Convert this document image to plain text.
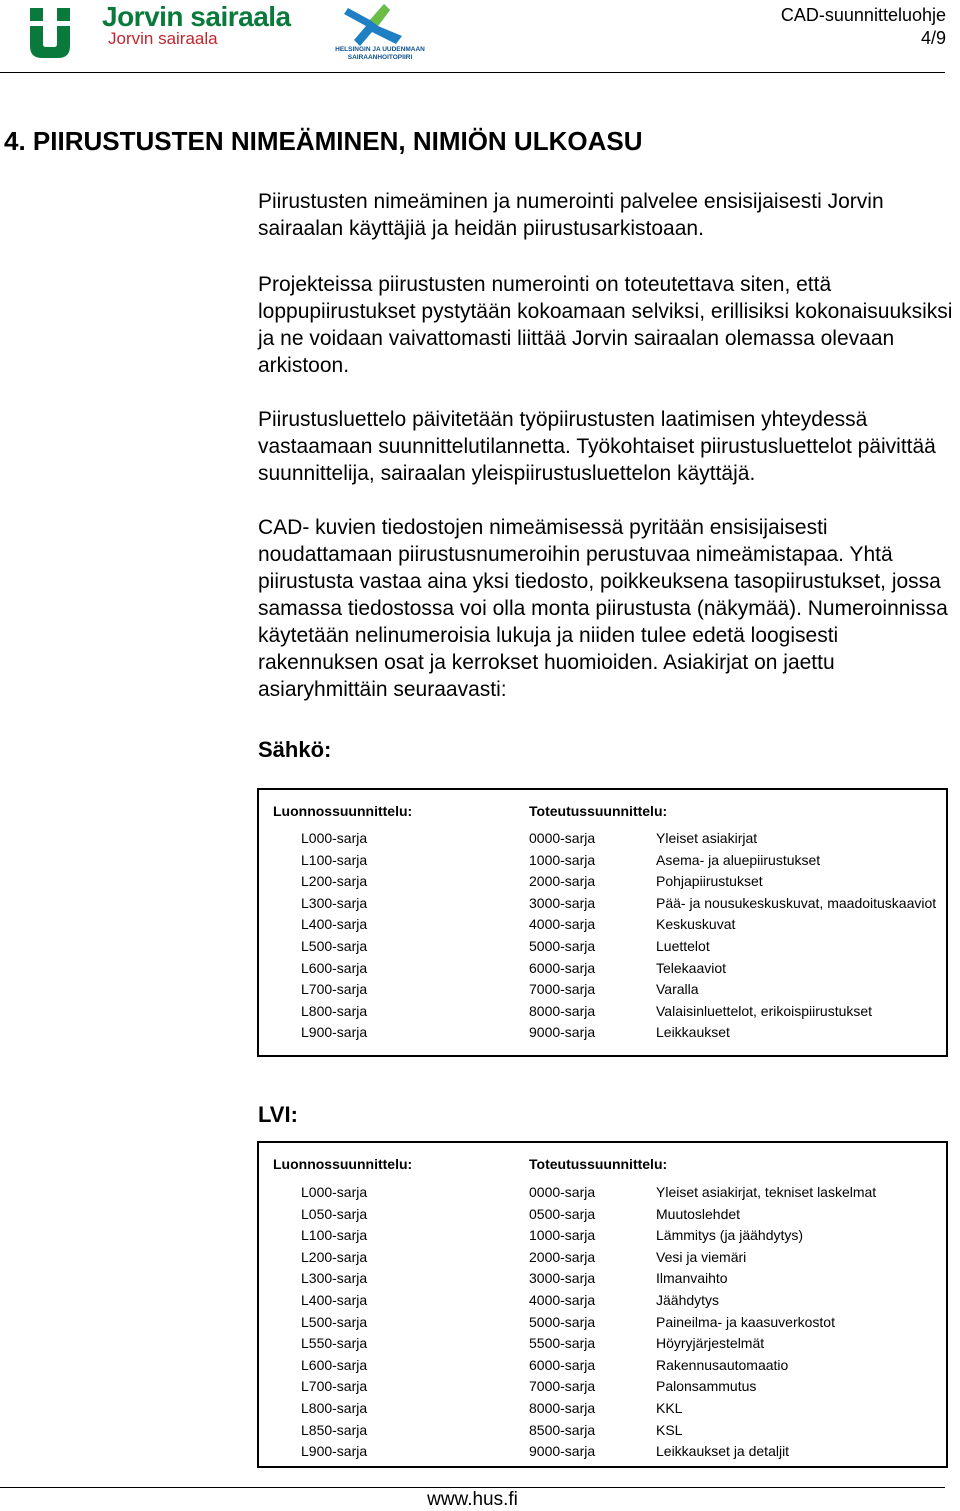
Jorvin sairaala
Jorvin sairaala
HELSINGIN JA UUDENMAAN SAIRAANHOITOPIIRI
CAD-suunnitteluohje
4/9
4. PIIRUSTUSTEN NIMEÄMINEN, NIMIÖN ULKOASU

Piirustusten nimeäminen ja numerointi palvelee ensisijaisesti Jorvin sairaalan käyttäjiä ja heidän piirustusarkistoaan.

Projekteissa piirustusten numerointi on toteutettava siten, että loppupiirustukset pystytään kokoamaan selviksi, erillisiksi kokonaisuuksiksi ja ne voidaan vaivattomasti liittää Jorvin sairaalan olemassa olevaan arkistoon.

Piirustusluettelo päivitetään työpiirustusten laatimisen yhteydessä vastaamaan suunnittelutilannetta. Työkohtaiset piirustusluettelot päivittää suunnittelija, sairaalan yleispiirustusluettelon käyttäjä.

CAD- kuvien tiedostojen nimeämisessä pyritään ensisijaisesti noudattamaan piirustusnumeroihin perustuvaa nimeämistapaa. Yhtä piirustusta vastaa aina yksi tiedosto, poikkeuksena tasopiirustukset, jossa samassa tiedostossa voi olla monta piirustusta (näkymää). Numeroinnissa käytetään nelinumeroisia lukuja ja niiden tulee edetä loogisesti rakennuksen osat ja kerrokset huomioiden. Asiakirjat on jaettu asiaryhmittäin seuraavasti:

Sähkö:
Luonnossuunnittelu:	Toteutussuunnittelu:
L000-sarja	0000-sarja	Yleiset asiakirjat
L100-sarja	1000-sarja	Asema- ja aluepiirustukset
L200-sarja	2000-sarja	Pohjapiirustukset
L300-sarja	3000-sarja	Pää- ja nousukeskuskuvat, maadoituskaaviot
L400-sarja	4000-sarja	Keskuskuvat
L500-sarja	5000-sarja	Luettelot
L600-sarja	6000-sarja	Telekaaviot
L700-sarja	7000-sarja	Varalla
L800-sarja	8000-sarja	Valaisinluettelot, erikoispiirustukset
L900-sarja	9000-sarja	Leikkaukset
LVI:
Luonnossuunnittelu:	Toteutussuunnittelu:
L000-sarja	0000-sarja	Yleiset asiakirjat, tekniset laskelmat
L050-sarja	0500-sarja	Muutoslehdet
L100-sarja	1000-sarja	Lämmitys (ja jäähdytys)
L200-sarja	2000-sarja	Vesi ja viemäri
L300-sarja	3000-sarja	Ilmanvaihto
L400-sarja	4000-sarja	Jäähdytys
L500-sarja	5000-sarja	Paineilma- ja kaasuverkostot
L550-sarja	5500-sarja	Höyryjärjestelmät
L600-sarja	6000-sarja	Rakennusautomaatio
L700-sarja	7000-sarja	Palonsammutus
L800-sarja	8000-sarja	KKL
L850-sarja	8500-sarja	KSL
L900-sarja	9000-sarja	Leikkaukset ja detaljit
www.hus.fi
